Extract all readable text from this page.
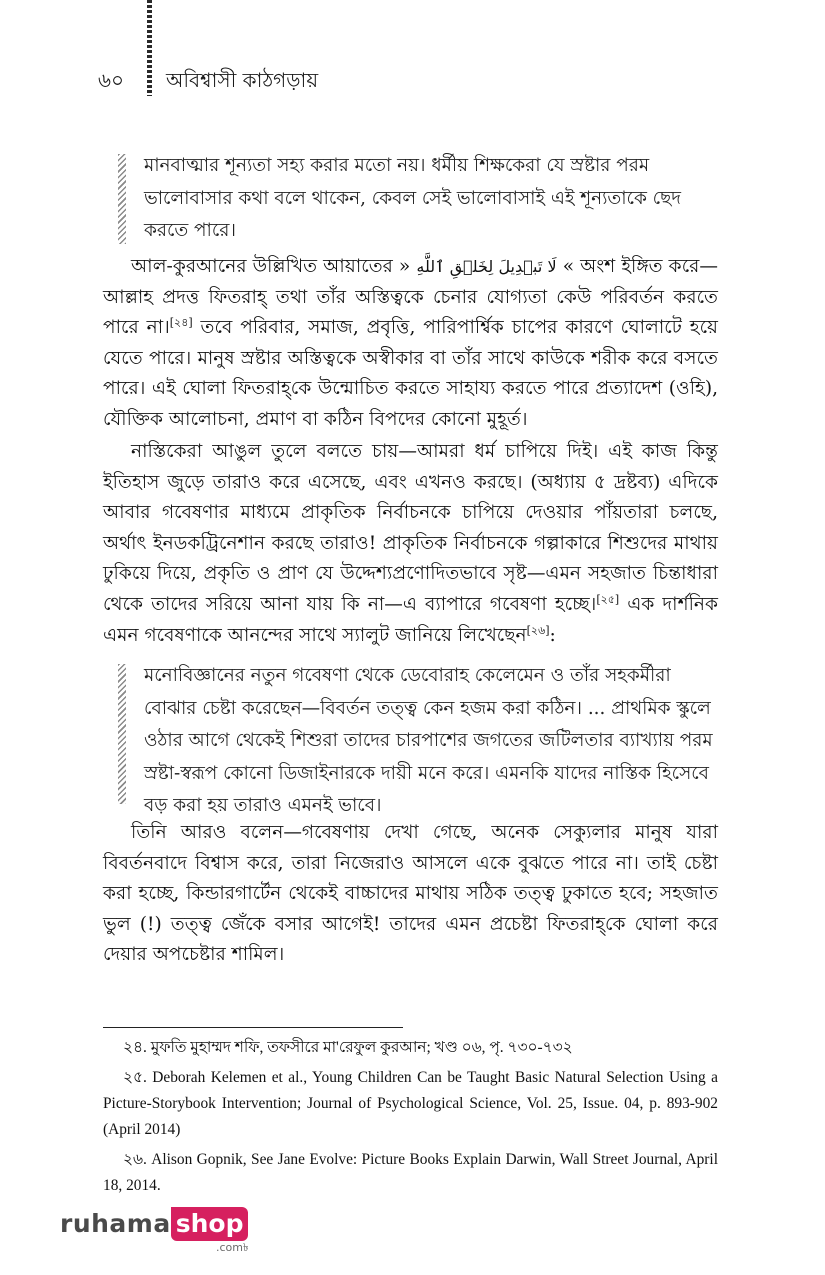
৬০ অবিশ্বাসী কাঠগড়ায়

মানবাত্মার শূন্যতা সহ্য করার মতো নয়। ধর্মীয় শিক্ষকেরা যে স্রষ্টার পরম ভালোবাসার কথা বলে থাকেন, কেবল সেই ভালোবাসাই এই শূন্যতাকে ছেদ করতে পারে।

আল-কুরআনের উল্লিখিত আয়াতের » لَا تَبۡدِيلَ لِخَلۡقِ ٱللَّهِ « অংশ ইঙ্গিত করে—আল্লাহ প্রদত্ত ফিতরাহ্ তথা তাঁর অস্তিত্বকে চেনার যোগ্যতা কেউ পরিবর্তন করতে পারে না।[২৪] তবে পরিবার, সমাজ, প্রবৃত্তি, পারিপার্শ্বিক চাপের কারণে ঘোলাটে হয়ে যেতে পারে। মানুষ স্রষ্টার অস্তিত্বকে অস্বীকার বা তাঁর সাথে কাউকে শরীক করে বসতে পারে। এই ঘোলা ফিতরাহ্‌কে উন্মোচিত করতে সাহায্য করতে পারে প্রত্যাদেশ (ওহি), যৌক্তিক আলোচনা, প্রমাণ বা কঠিন বিপদের কোনো মুহূর্ত।

নাস্তিকেরা আঙুল তুলে বলতে চায়—আমরা ধর্ম চাপিয়ে দিই। এই কাজ কিন্তু ইতিহাস জুড়ে তারাও করে এসেছে, এবং এখনও করছে। (অধ্যায় ৫ দ্রষ্টব্য) এদিকে আবার গবেষণার মাধ্যমে প্রাকৃতিক নির্বাচনকে চাপিয়ে দেওয়ার পাঁয়তারা চলছে, অর্থাৎ ইনডকট্রিনেশান করছে তারাও! প্রাকৃতিক নির্বাচনকে গল্পাকারে শিশুদের মাথায় ঢুকিয়ে দিয়ে, প্রকৃতি ও প্রাণ যে উদ্দেশ্যপ্রণোদিতভাবে সৃষ্ট—এমন সহজাত চিন্তাধারা থেকে তাদের সরিয়ে আনা যায় কি না—এ ব্যাপারে গবেষণা হচ্ছে।[২৫] এক দার্শনিক এমন গবেষণাকে আনন্দের সাথে স্যালুট জানিয়ে লিখেছেন[২৬]:

মনোবিজ্ঞানের নতুন গবেষণা থেকে ডেবোরাহ কেলেমেন ও তাঁর সহকর্মীরা বোঝার চেষ্টা করেছেন—বিবর্তন তত্ত্ব কেন হজম করা কঠিন। ... প্রাথমিক স্কুলে ওঠার আগে থেকেই শিশুরা তাদের চারপাশের জগতের জটিলতার ব্যাখ্যায় পরম স্রষ্টা-স্বরূপ কোনো ডিজাইনারকে দায়ী মনে করে। এমনকি যাদের নাস্তিক হিসেবে বড় করা হয় তারাও এমনই ভাবে।

তিনি আরও বলেন—গবেষণায় দেখা গেছে, অনেক সেক্যুলার মানুষ যারা বিবর্তনবাদে বিশ্বাস করে, তারা নিজেরাও আসলে একে বুঝতে পারে না। তাই চেষ্টা করা হচ্ছে, কিন্ডারগার্টেন থেকেই বাচ্চাদের মাথায় সঠিক তত্ত্ব ঢুকাতে হবে; সহজাত ভুল (!) তত্ত্ব জেঁকে বসার আগেই! তাদের এমন প্রচেষ্টা ফিতরাহ্‌কে ঘোলা করে দেয়ার অপচেষ্টার শামিল।

২৪. মুফতি মুহাম্মদ শফি, তফসীরে মা'রেফুল কুরআন; খণ্ড ০৬, পৃ. ৭৩০-৭৩২

২৫. Deborah Kelemen et al., Young Children Can be Taught Basic Natural Selection Using a Picture-Storybook Intervention; Journal of Psychological Science, Vol. 25, Issue. 04, p. 893-902 (April 2014)

২৬. Alison Gopnik, See Jane Evolve: Picture Books Explain Darwin, Wall Street Journal, April 18, 2014.

ruhama shop
.com৳
